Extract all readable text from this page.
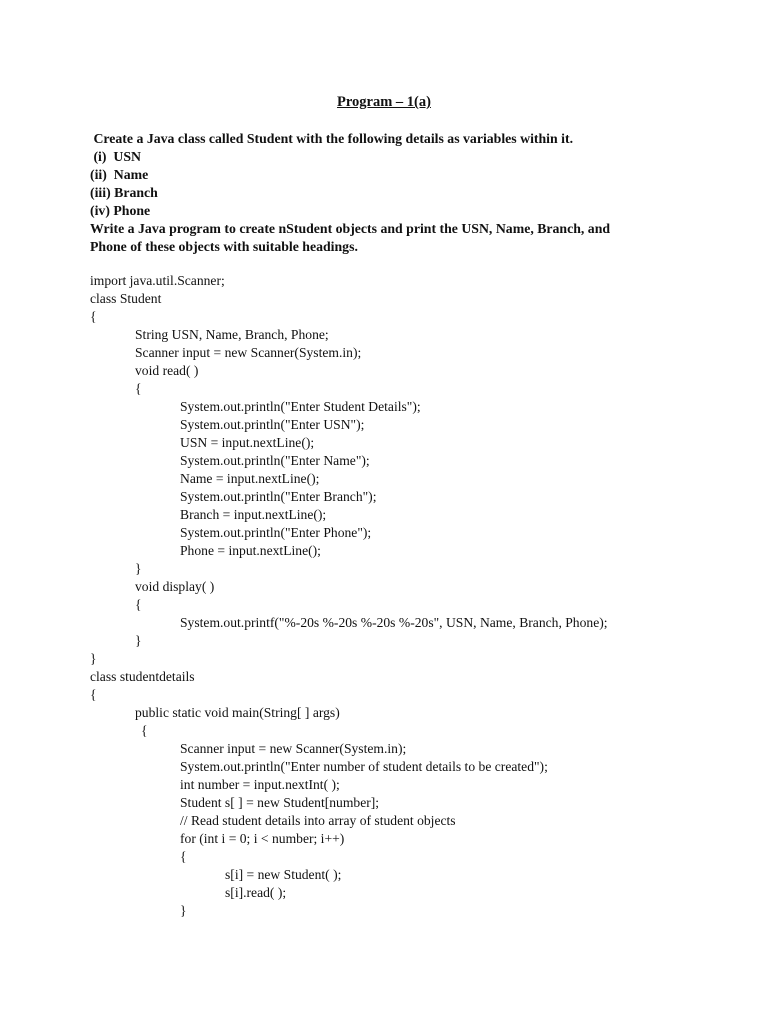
Program – 1(a)

Create a Java class called Student with the following details as variables within it.

(i)  USN

(ii)  Name

(iii) Branch

(iv) Phone

Write a Java program to create nStudent objects and print the USN, Name, Branch, and

Phone of these objects with suitable headings.

import java.util.Scanner;
class Student
{
String USN, Name, Branch, Phone;
Scanner input = new Scanner(System.in);
void read( )
{
System.out.println("Enter Student Details");
System.out.println("Enter USN");
USN = input.nextLine();
System.out.println("Enter Name");
Name = input.nextLine();
System.out.println("Enter Branch");
Branch = input.nextLine();
System.out.println("Enter Phone");
Phone = input.nextLine();
}
void display( )
{
System.out.printf("%-20s %-20s %-20s %-20s", USN, Name, Branch, Phone);
}
}
class studentdetails
{
public static void main(String[ ] args)
{
Scanner input = new Scanner(System.in);
System.out.println("Enter number of student details to be created");
int number = input.nextInt( );
Student s[ ] = new Student[number];
// Read student details into array of student objects
for (int i = 0; i < number; i++)
{
s[i] = new Student( );
s[i].read( );
}
